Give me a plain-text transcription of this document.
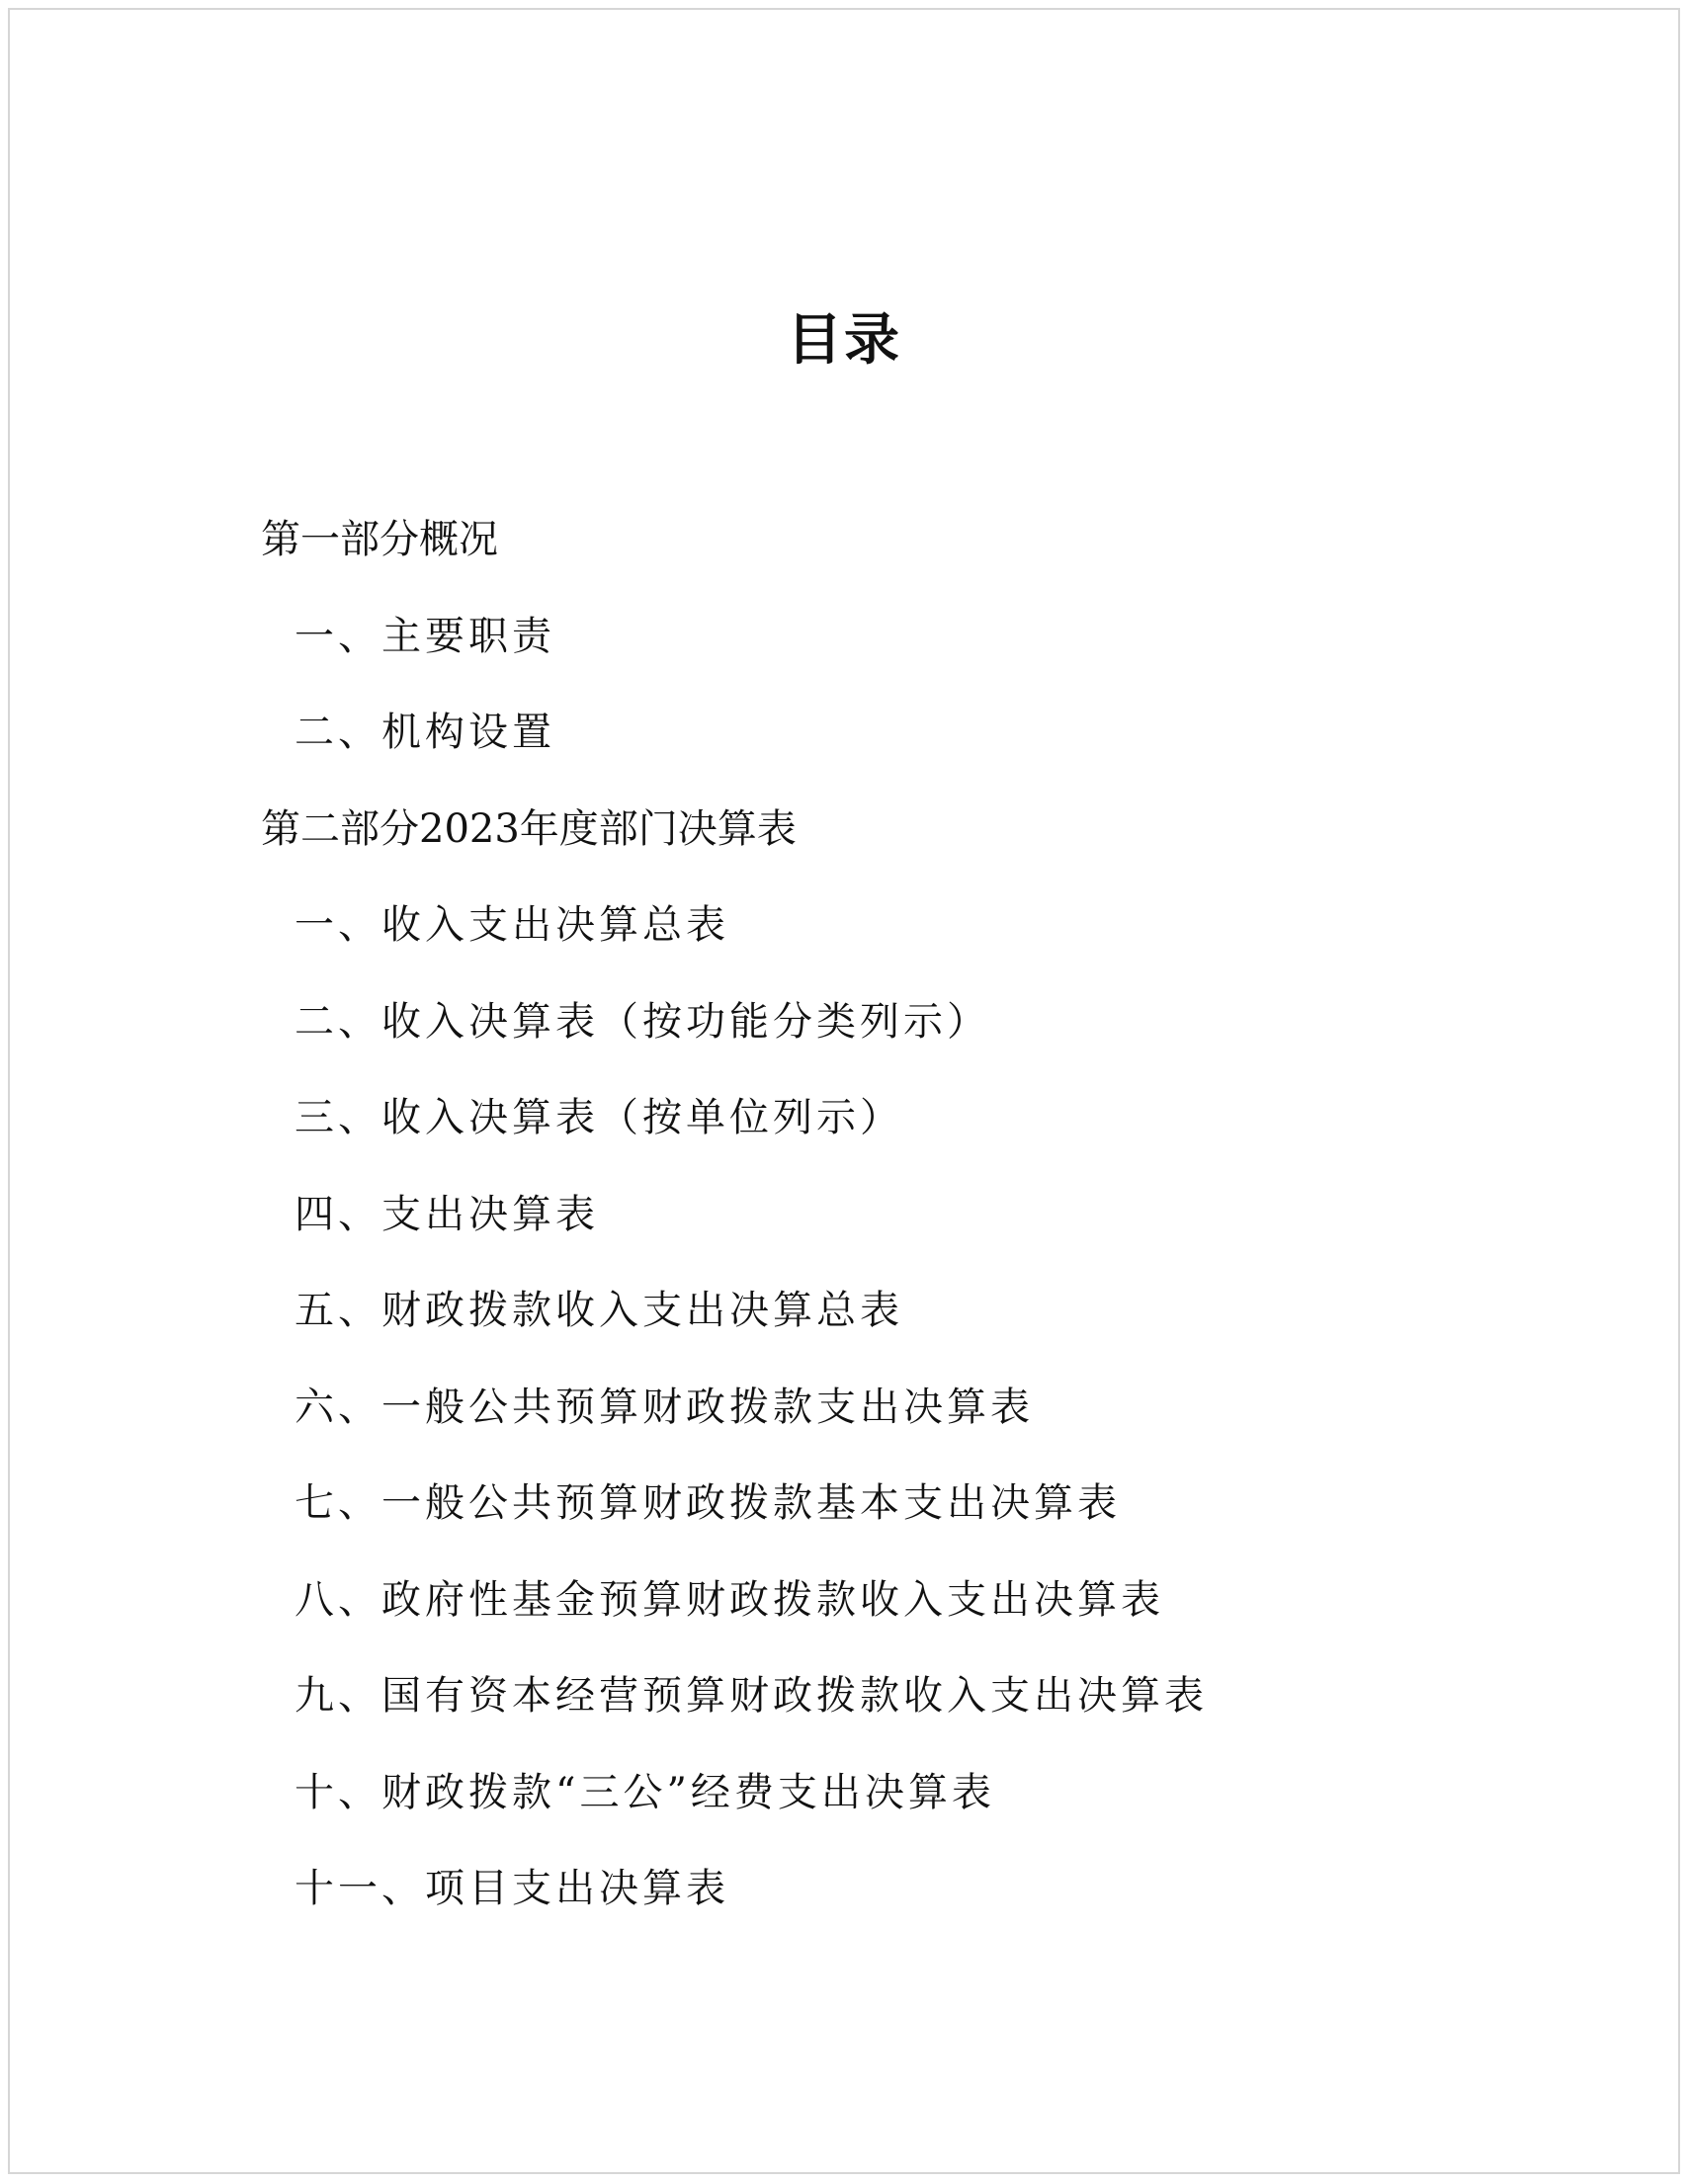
目录
第一部分概况
一、主要职责
二、机构设置
第二部分2023年度部门决算表
一、收入支出决算总表
二、收入决算表（按功能分类列示）
三、收入决算表（按单位列示）
四、支出决算表
五、财政拨款收入支出决算总表
六、一般公共预算财政拨款支出决算表
七、一般公共预算财政拨款基本支出决算表
八、政府性基金预算财政拨款收入支出决算表
九、国有资本经营预算财政拨款收入支出决算表
十、财政拨款“三公”经费支出决算表
十一、项目支出决算表
